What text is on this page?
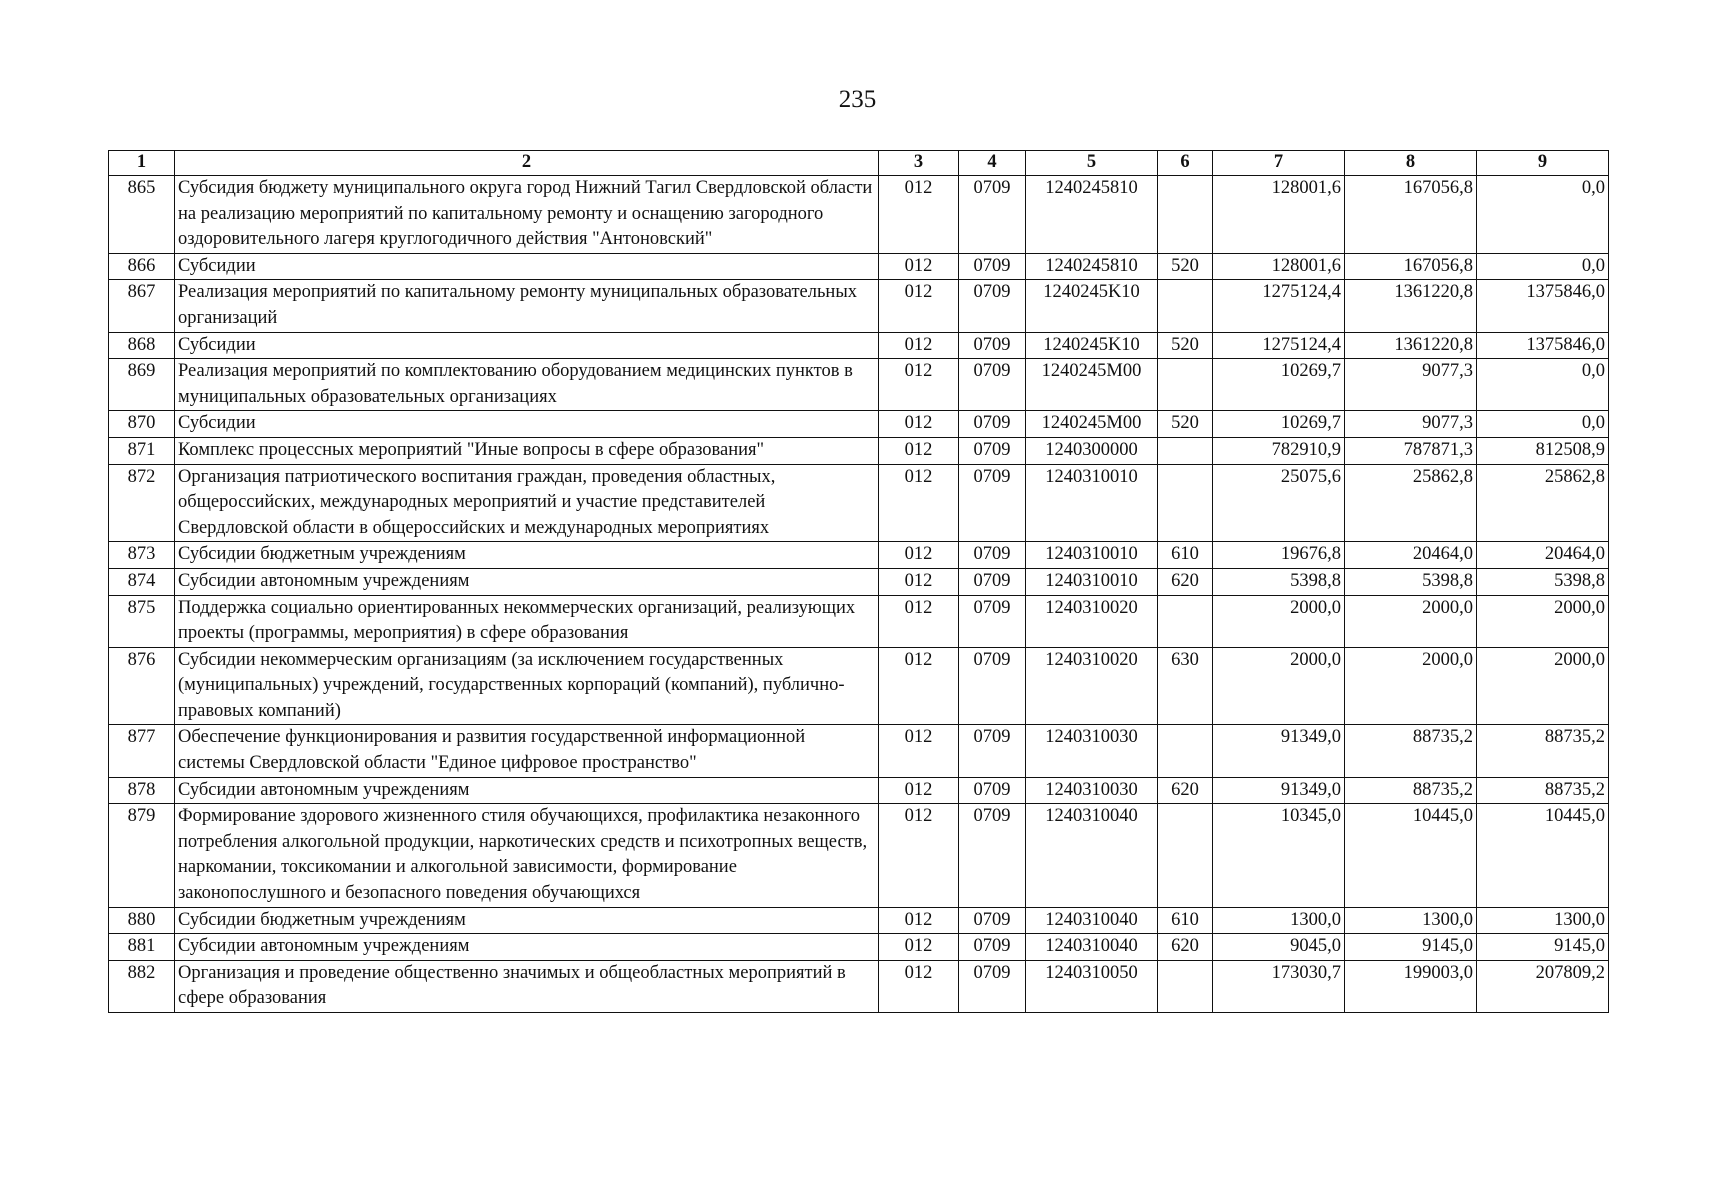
235
1	2	3	4	5	6	7	8	9
865	Субсидия бюджету муниципального округа город Нижний Тагил Свердловской области на реализацию мероприятий по капитальному ремонту и оснащению загородного оздоровительного лагеря круглогодичного действия "Антоновский"	012	0709	1240245810		128001,6	167056,8	0,0
866	Субсидии	012	0709	1240245810	520	128001,6	167056,8	0,0
867	Реализация мероприятий по капитальному ремонту муниципальных образовательных организаций	012	0709	1240245K10		1275124,4	1361220,8	1375846,0
868	Субсидии	012	0709	1240245K10	520	1275124,4	1361220,8	1375846,0
869	Реализация мероприятий по комплектованию оборудованием медицинских пунктов в муниципальных образовательных организациях	012	0709	1240245M00		10269,7	9077,3	0,0
870	Субсидии	012	0709	1240245M00	520	10269,7	9077,3	0,0
871	Комплекс процессных мероприятий "Иные вопросы в сфере образования"	012	0709	1240300000		782910,9	787871,3	812508,9
872	Организация патриотического воспитания граждан, проведения областных, общероссийских, международных мероприятий и участие представителей Свердловской области в общероссийских и международных мероприятиях	012	0709	1240310010		25075,6	25862,8	25862,8
873	Субсидии бюджетным учреждениям	012	0709	1240310010	610	19676,8	20464,0	20464,0
874	Субсидии автономным учреждениям	012	0709	1240310010	620	5398,8	5398,8	5398,8
875	Поддержка социально ориентированных некоммерческих организаций, реализующих проекты (программы, мероприятия) в сфере образования	012	0709	1240310020		2000,0	2000,0	2000,0
876	Субсидии некоммерческим организациям (за исключением государственных (муниципальных) учреждений, государственных корпораций (компаний), публично-правовых компаний)	012	0709	1240310020	630	2000,0	2000,0	2000,0
877	Обеспечение функционирования и развития государственной информационной системы Свердловской области "Единое цифровое пространство"	012	0709	1240310030		91349,0	88735,2	88735,2
878	Субсидии автономным учреждениям	012	0709	1240310030	620	91349,0	88735,2	88735,2
879	Формирование здорового жизненного стиля обучающихся, профилактика незаконного потребления алкогольной продукции, наркотических средств и психотропных веществ, наркомании, токсикомании и алкогольной зависимости, формирование законопослушного и безопасного поведения обучающихся	012	0709	1240310040		10345,0	10445,0	10445,0
880	Субсидии бюджетным учреждениям	012	0709	1240310040	610	1300,0	1300,0	1300,0
881	Субсидии автономным учреждениям	012	0709	1240310040	620	9045,0	9145,0	9145,0
882	Организация и проведение общественно значимых и общеобластных мероприятий в сфере образования	012	0709	1240310050		173030,7	199003,0	207809,2
